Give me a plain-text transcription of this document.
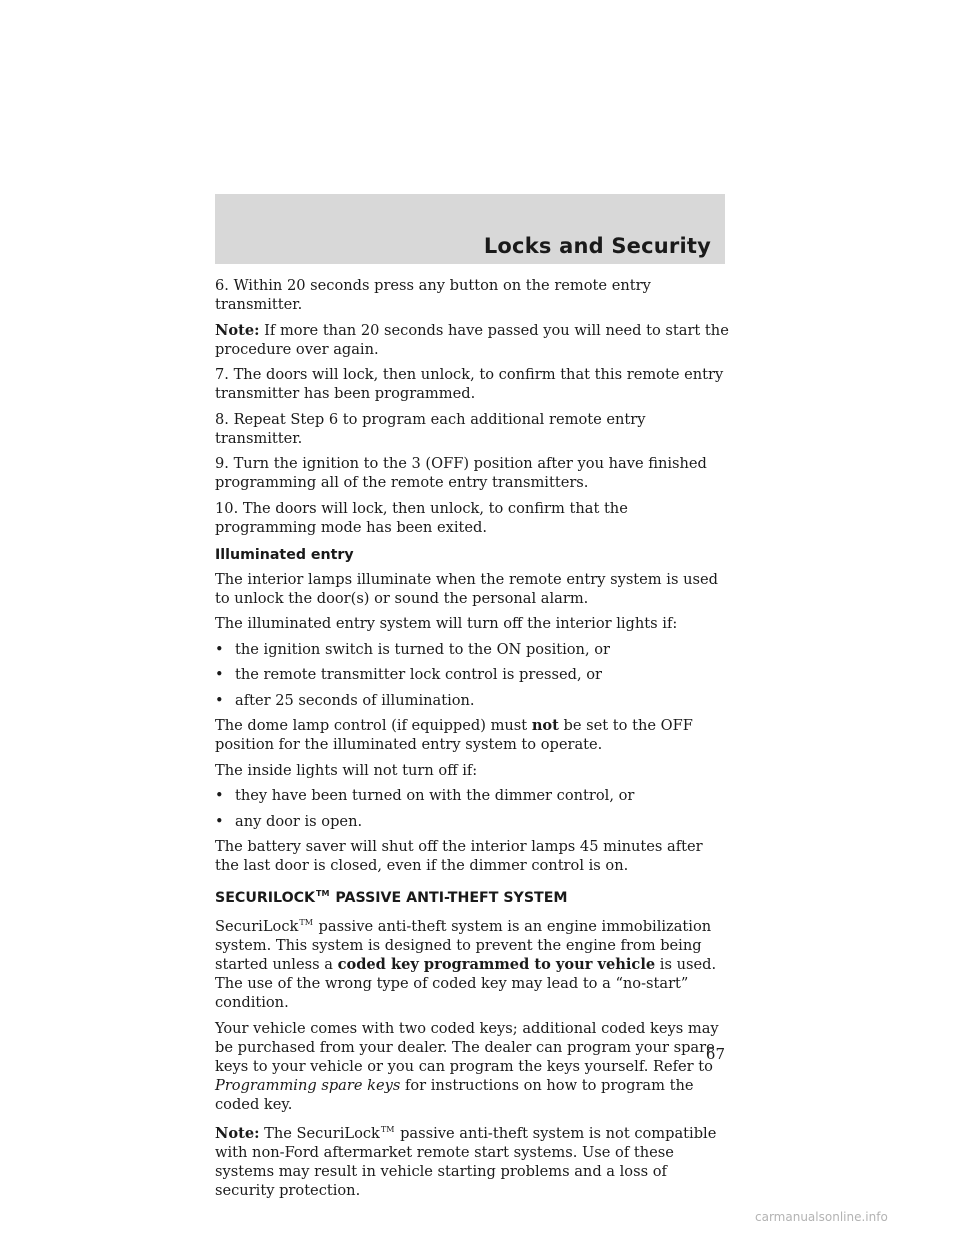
Locks and Security

6. Within 20 seconds press any button on the remote entry transmitter.

Note: If more than 20 seconds have passed you will need to start the procedure over again.

7. The doors will lock, then unlock, to confirm that this remote entry transmitter has been programmed.

8. Repeat Step 6 to program each additional remote entry transmitter.

9. Turn the ignition to the 3 (OFF) position after you have finished programming all of the remote entry transmitters.

10. The doors will lock, then unlock, to confirm that the programming mode has been exited.

Illuminated entry

The interior lamps illuminate when the remote entry system is used to unlock the door(s) or sound the personal alarm.

The illuminated entry system will turn off the interior lights if:

• the ignition switch is turned to the ON position, or
• the remote transmitter lock control is pressed, or
• after 25 seconds of illumination.

The dome lamp control (if equipped) must not be set to the OFF position for the illuminated entry system to operate.

The inside lights will not turn off if:

• they have been turned on with the dimmer control, or
• any door is open.

The battery saver will shut off the interior lamps 45 minutes after the last door is closed, even if the dimmer control is on.

SECURILOCK™ PASSIVE ANTI-THEFT SYSTEM

SecuriLock™ passive anti-theft system is an engine immobilization system. This system is designed to prevent the engine from being started unless a coded key programmed to your vehicle is used. The use of the wrong type of coded key may lead to a “no-start” condition.

Your vehicle comes with two coded keys; additional coded keys may be purchased from your dealer. The dealer can program your spare keys to your vehicle or you can program the keys yourself. Refer to Programming spare keys for instructions on how to program the coded key.

Note: The SecuriLock™ passive anti-theft system is not compatible with non-Ford aftermarket remote start systems. Use of these systems may result in vehicle starting problems and a loss of security protection.

67
carmanualsonline.info
